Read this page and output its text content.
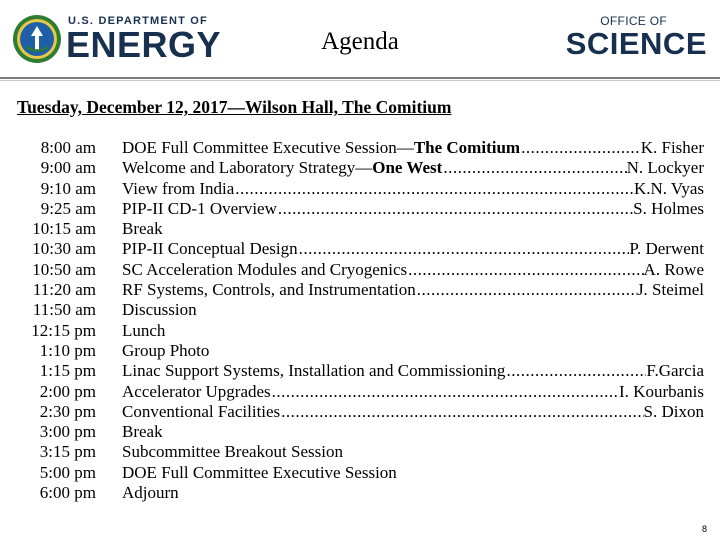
U.S. DEPARTMENT OF
ENERGY	Agenda
OFFICE OF
SCIENCE
Tuesday, December 12, 2017—Wilson Hall, The Comitium
8:00 am DOE Full Committee Executive Session—The Comitium .....	K. Fisher
9:00 am Welcome and Laboratory Strategy—One West .....	N. Lockyer
9:10 am View from India .....	K.N. Vyas
9:25 am PIP-II CD-1 Overview .....	S. Holmes
10:15 am Break
10:30 am PIP-II Conceptual Design .....	P. Derwent
10:50 am SC Acceleration Modules and Cryogenics .....	A. Rowe
11:20 am RF Systems, Controls, and Instrumentation .....	J. Steimel
11:50 am Discussion
12:15 pm Lunch
1:10 pm Group Photo
1:15 pm Linac Support Systems, Installation and Commissioning .....	F.Garcia
2:00 pm Accelerator Upgrades .....	I. Kourbanis
2:30 pm Conventional Facilities .....	S. Dixon
3:00 pm Break
3:15 pm Subcommittee Breakout Session
5:00 pm DOE Full Committee Executive Session
6:00 pm Adjourn
8
